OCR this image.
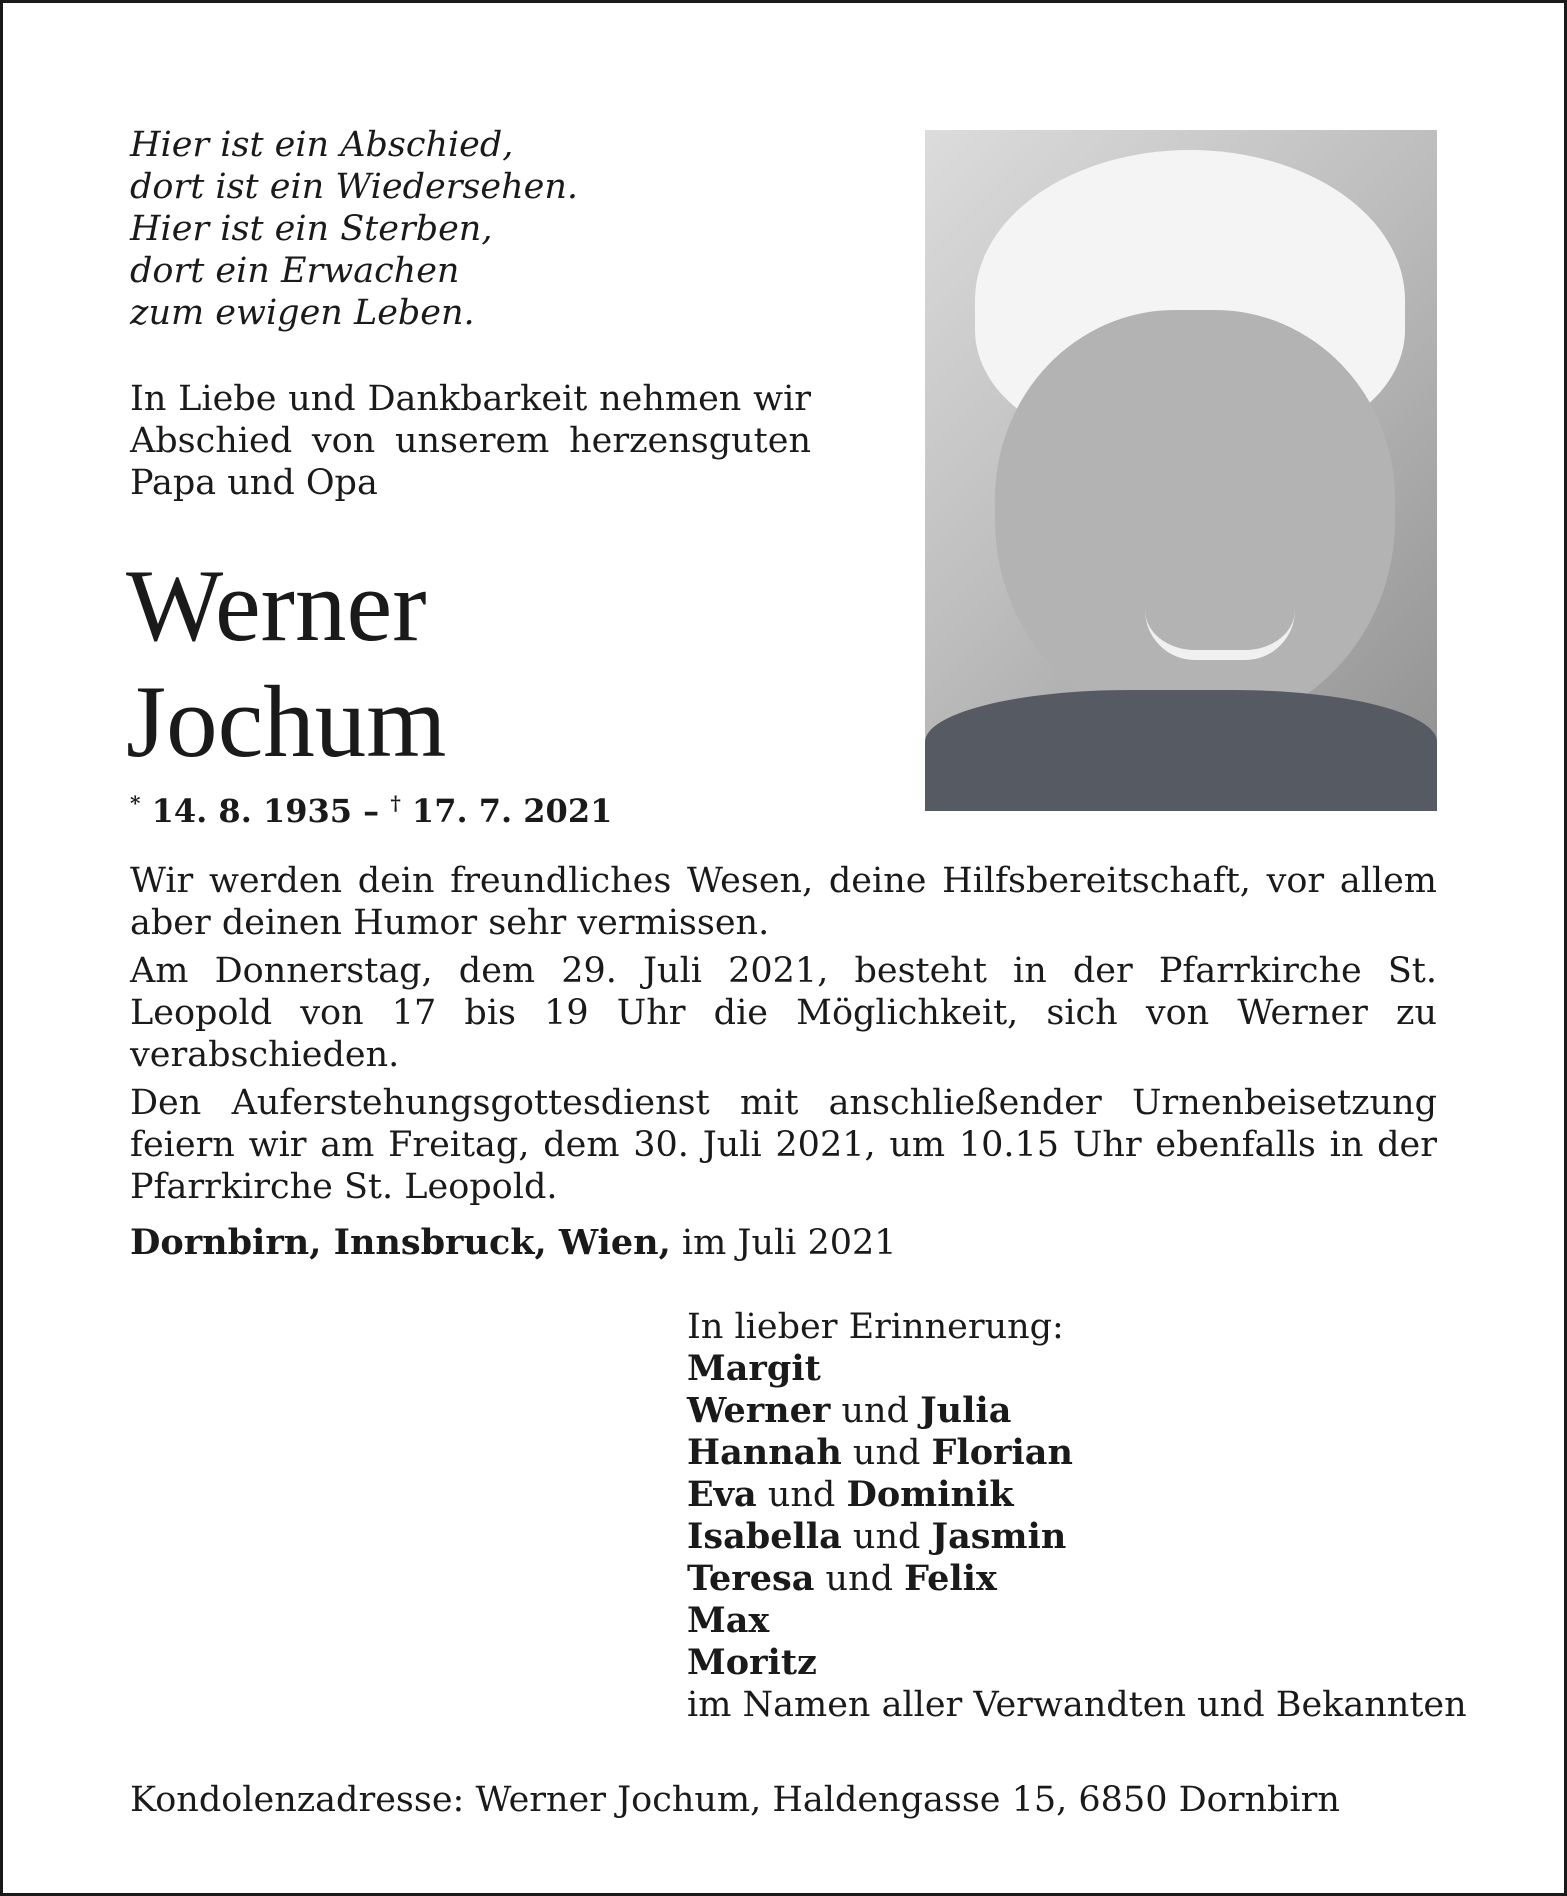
Hier ist ein Abschied,
dort ist ein Wiedersehen.
Hier ist ein Sterben,
dort ein Erwachen
zum ewigen Leben.
In Liebe und Dankbarkeit nehmen wir Abschied von unserem herzensguten Papa und Opa
Werner
Jochum
* 14. 8. 1935 – † 17. 7. 2021

Wir werden dein freundliches Wesen, deine Hilfsbereitschaft, vor allem aber deinen Humor sehr vermissen.

Am Donnerstag, dem 29. Juli 2021, besteht in der Pfarrkirche St. Leopold von 17 bis 19 Uhr die Möglichkeit, sich von Werner zu verabschieden.

Den Auferstehungsgottesdienst mit anschließender Urnenbeisetzung feiern wir am Freitag, dem 30. Juli 2021, um 10.15 Uhr ebenfalls in der Pfarrkirche St. Leopold.

Dornbirn, Innsbruck, Wien, im Juli 2021
In lieber Erinnerung:
Margit
Werner und Julia
Hannah und Florian
Eva und Dominik
Isabella und Jasmin
Teresa und Felix
Max
Moritz
im Namen aller Verwandten und Bekannten
Kondolenzadresse: Werner Jochum, Haldengasse 15, 6850 Dornbirn
